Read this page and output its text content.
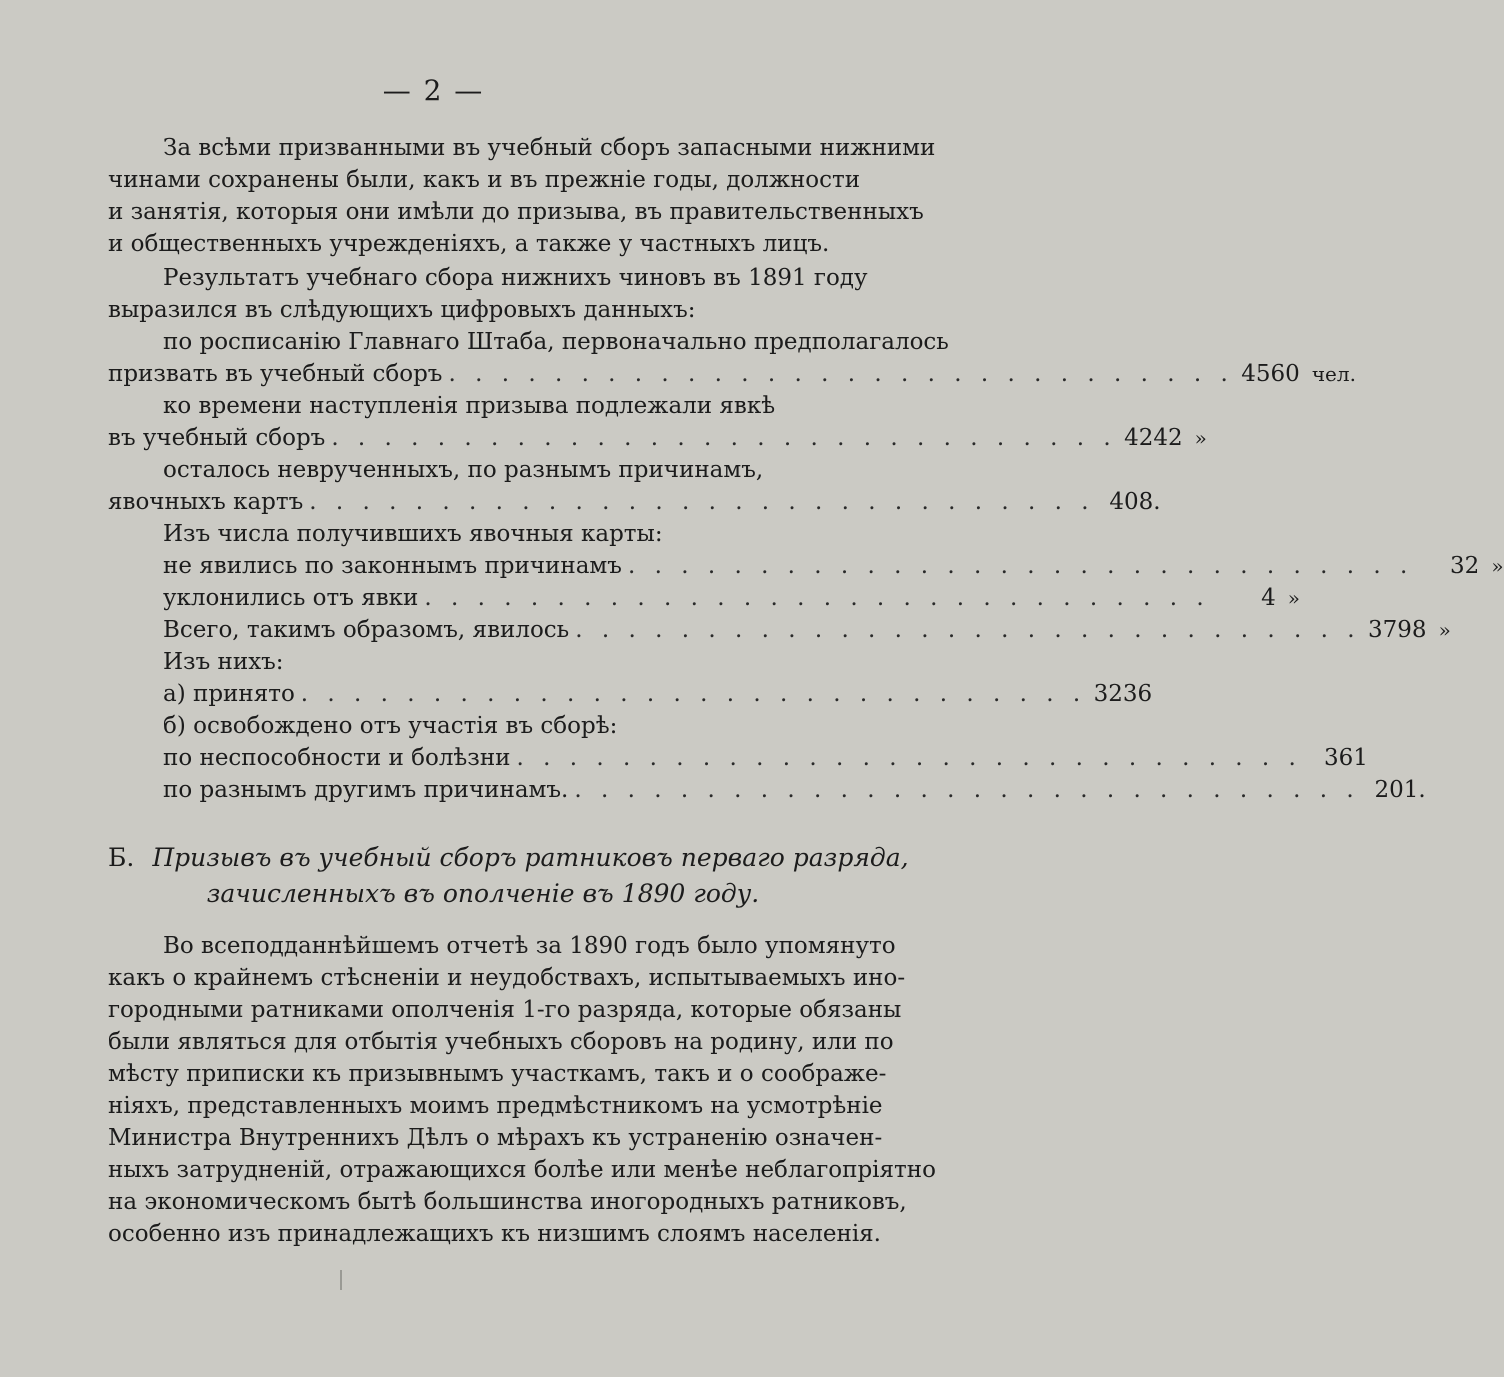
— 2 —
За всѣми призванными въ учебный сборъ запасными нижними
чинами сохранены были, какъ и въ прежніе годы, должности
и занятія, которыя они имѣли до призыва, въ правительственныхъ
и общественныхъ учрежденіяхъ, а также у частныхъ лицъ.
Результатъ учебнаго сбора нижнихъ чиновъ въ 1891 году
выразился въ слѣдующихъ цифровыхъ данныхъ:
по росписанію Главнаго Штаба, первоначально предполагалось
призвать въ учебный сборъ . . . . . . . . . . . . . . . . . . . . . . . . . . . . . . 4560 чел.
ко времени наступленія призыва подлежали явкѣ
въ учебный сборъ . . . . . . . . . . . . . . . . . . . . . . . . . . . . . . 4242 »
осталось неврученныхъ, по разнымъ причинамъ,
явочныхъ картъ . . . . . . . . . . . . . . . . . . . . . . . . . . . . . . 408.
Изъ числа получившихъ явочныя карты:
не явились по законнымъ причинамъ . . . . . . . . . . . . . . . . . . . . . . . . . . . . . .	32 »
уклонились отъ явки . . . . . . . . . . . . . . . . . . . . . . . . . . . . . .	4 »
Всего, такимъ образомъ, явилось . . . . . . . . . . . . . . . . . . . . . . . . . . . . . . 3798 »
Изъ нихъ:
а) принято . . . . . . . . . . . . . . . . . . . . . . . . . . . . . . 3236
б) освобождено отъ участія въ сборѣ:
по неспособности и болѣзни . . . . . . . . . . . . . . . . . . . . . . . . . . . . . . 361
по разнымъ другимъ причинамъ. . . . . . . . . . . . . . . . . . . . . . . . . . . . . . . 201.
Б. Призывъ въ учебный сборъ ратниковъ перваго разряда,
зачисленныхъ въ ополченіе въ 1890 году.
Во всеподданнѣйшемъ отчетѣ за 1890 годъ было упомянуто
какъ о крайнемъ стѣсненіи и неудобствахъ, испытываемыхъ ино-
городными ратниками ополченія 1-го разряда, которые обязаны
были являться для отбытія учебныхъ сборовъ на родину, или по
мѣсту приписки къ призывнымъ участкамъ, такъ и о соображе-
ніяхъ, представленныхъ моимъ предмѣстникомъ на усмотрѣніе
Министра Внутреннихъ Дѣлъ о мѣрахъ къ устраненію означен-
ныхъ затрудненій, отражающихся болѣе или менѣе неблагопріятно
на экономическомъ бытѣ большинства иногородныхъ ратниковъ,
особенно изъ принадлежащихъ къ низшимъ слоямъ населенія.
